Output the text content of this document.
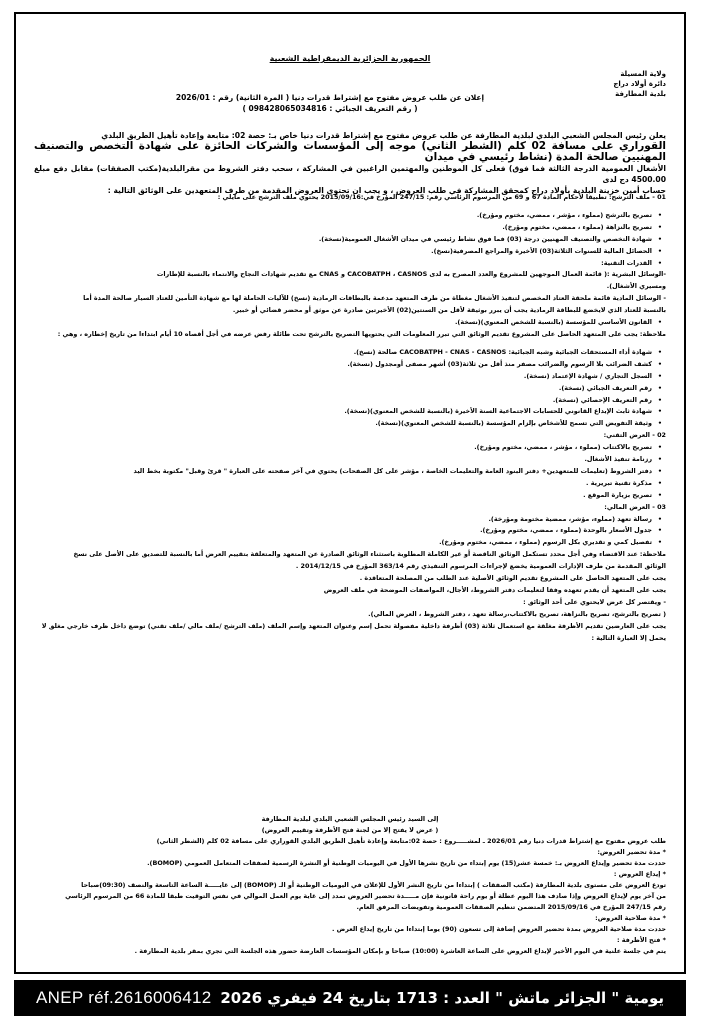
الجمهورية الجزائرية الديمقراطية الشعبية
ولاية المسيلة
دائرة أولاد دراج
بلدية المطارفة
إعلان عن طلب عروض مفتوح مع إشتراط قدرات دنيا ( المرة الثانية) رقم : 2026/01
( رقم التعريف الجبائي : 098428065034816 )

يعلن رئيس المجلس الشعبي البلدي لبلدية المطارفة عن طلب عروض مفتوح مع إشتراط قدرات دنيا خاص بـ: حصة 02: متابعة وإعادة تأهيل الطريق البلدي

القوراري على مسافة 02 كلم (الشطر الثاني) موجه إلى المؤسسات والشركات الحائزة على شهادة التخصص والتصنيف المهنيين صالحة المدة (نشاط رئيسي في ميدان

الأشغال العمومية الدرجة الثالثة فما فوق) فعلى كل الموطنين والمهتمين الراغبين في المشاركة ، سحب دفتر الشروط من مقرالبلدية(مكتب الصفقات) مقابل دفع مبلغ 4500.00 دج لدى

حساب أمين خزينة البلدية بأولاد دراج كمحقق المشاركة في طلب العروض ، و يجب ان تحتوي العروض المقدمة من طرف المتعهدين على الوثائق التالية :

01 - ملف الترشح: تطبيقا لأحكام المادة 67 و 69 من المرسوم الرئاسي رقم: 247/15 المؤرخ في:2015/09/16 يحتوي ملف الترشح على مايلي :

• تصريح بالترشح (مملوء ، مؤشر ، ممضي، مختوم ومؤرخ).

• تصريح بالنزاهة (مملوء ، ممضي، مختوم ومؤرخ).

• شهادة التخصص والتصنيف المهنيين درجة (03) فما فوق نشاط رئيسي في ميدان الأشغال العمومية(نسخة).

• الحصائل المالية للسنوات الثلاثة(03) الأخيرة والمراجع المصرفية(نسخ).

• القدرات التقنية:

-الوسائل البشرية :( قائمة العمال الموجهين للمشروع والعدد المصرح به لدى CACOBATPH ، CASNOS و CNAS مع تقديم شهادات النجاح والانتماء بالنسبة للإطارات

ومسيري الأشغال).

- الوسائل المادية قائمة ملحقة العتاد المخصص لتنفيذ الأشغال مغطاة من طرف المتعهد مدعمة بالبطاقات الرمادية (نسخ) للآليات الحاملة لها مع شهادة التأمين للعتاد السيار صالحة المدة أما

بالنسبة للعتاد الذي لايخضع للبطاقة الرمادية يجب أن يبرر بوثيقة لأقل من السنتين(02) الأخيرتين صادرة عن موثق أو محضر قضائي أو خبير.

• القانون الأساسي للمؤسسة (بالنسبة للشخص المعنوي)(نسخة).

ملاحظة: يجب على المتعهد الحاصل على المشروع تقديم الوثائق التي تبرر المعلومات التي يحتويها التصريح بالترشح تحت طائلة رفض عرضه في أجل أقصاه 10 أيام ابتداءا من تاريخ إخطاره ، وهي :

• شهادة أداء المستحقات الجبائية وشبه الجبائية: CACOBATPH - CNAS - CASNOS صالحة (نسخ).

• كشف الضرائب بلا الرسوم والضرائب مصفر منذ أقل من ثلاثة(03) أشهر مصفى أومجدول (نسخة).

• السجل التجاري / شهادة الإعتماد (نسخة).

• رقم التعريف الجبائي (نسخة).

• رقم التعريف الإحصائي (نسخة).

• شهادة ثابث الإيداع القانوني للحسابات الاجتماعية السنة الأخيرة (بالنسبة للشخص المعنوي)(نسخة).

• وثيقة التفويض التي تسمح للأشخاص بإلزام المؤسسة (بالنسبة للشخص المعنوي)(نسخة).

02 - العرض التقني:

• تصريح بالاكتتاب (مملوء ، مؤشر ، ممضي، مختوم ومؤرخ).

• رزنامة تنفيذ الأشغال.

• دفتر الشروط (تعليمات للمتعهدين+ دفتر البنود العامة والتعليمات الخاصة ، مؤشر على كل الصفحات) يحتوي في آخر صفحته على العبارة " قرئ وقبل" مكتوبة بخط اليد

• مذكرة تقنية تبريرية .

• تصريح بزيارة الموقع .

03 - العرض المالي:

• رسالة تعهد (مملوء، مؤشر، ممضية مختومة ومؤرخة).

• جدول الأسعار بالوحدة (مملوء ، ممضي، مختوم ومؤرخ).

• تفصيل كمي و تقديري بكل الرسوم (مملوء ، ممضي، مختوم ومؤرخ).

ملاحظة: عند الاقتضاء وفي أجل محدد تستكمل الوثائق الناقصة أو غير الكاملة المطلوبة باستثناء الوثائق الصادرة عن المتعهد والمتعلقة بتقييم العرض أما بالنسبة للتصديق على الأصل على نسخ

الوثائق المقدمة من طرف الإدارات العمومية يخضع لإجراءات المرسوم التنفيذي رقم 363/14 المؤرخ في 2014/12/15 .

يجب على المتعهد الحاصل على المشروع تقديم الوثائق الأصلية عند الطلب من المصلحة المتعاقدة .

يجب على المتعهد أن يقدم تعهده وفقا لتعليمات دفتر الشروط، الأجال، المواصفات الموضحة في ملف العروض

- ويقتصر كل عرض لايحتوي على أحد الوثائق :

( تصريح بالترشح، تصريح بالنزاهة، تصريح بالاكتتاب،رسالة تعهد ، دفتر الشروط ، العرض المالي).

يجب على العارضين تقديم الأظرفة مغلقة مع استعمال ثلاثة (03) أظرفة داخلية مفصولة تحمل إسم وعنوان المتعهد وإسم الملف (ملف الترشح /ملف مالي /ملف تقني) توضع داخل ظرف خارجي مغلق لا

يحمل إلا العبارة التالية :

إلى السيد رئيس المجلس الشعبي البلدي لبلدية المطارفة

( عرض لا يفتح إلا من لجنة فتح الأظرفة وتقييم العروض)

طلب عروض مفتوح مع إشتراط قدرات دنيا رقم 2026/01 ـ لمشـــــروع : حصة 02:متابعة وإعادة تأهيل الطريق البلدي القوراري على مسافة 02 كلم (الشطر الثاني)

* مدة تحضير العروض:

حددت مدة تحضير وإيداع العروض بـ: خمسة عشر(15) يوم إبتداء من تاريخ نشرها الأول في اليوميات الوطنية أو النشرة الرسمية لصفقات المتعامل العمومي (BOMOP).

* إيداع العروض :

تودع العروض على مستوى بلدية المطارفة (مكتب الصفقات ) إبتداءا من تاريخ النشر الأول للإعلان في اليوميات الوطنية أو الـ (BOMOP) إلى غايـــــة الساعة التاسعة والنصف (09:30)صباحا

من آخر يوم لإيداع العروض وإذا صادف هذا اليوم عطلة أو يوم راحة قانونية فإن مـــــدة تحضير العروض تمدد إلى غاية يوم العمل الموالي في نفس التوقيت طبقا للمادة 66 من المرسوم الرئاسي

رقم 247/15 المؤرخ في 2015/09/16 المتضمن تنظيم الصفقات العمومية وتفويضات المرفق العام.

* مدة صلاحية العروض:

حددت مدة صلاحية العروض بمدة تحضير العروض إضافة إلى تسعون (90) يوما إبتداءا من تاريخ إيداع العرض .

* فتح الأظرفة :

يتم في جلسة علنية في اليوم الأخير لإيداع العروض على الساعة العاشرة (10:00) صباحا و بإمكان المؤسسات العارضة حضور هذه الجلسة التي تجري بمقر بلدية المطارفة .

ANEP réf.2616006412 يومية " الجزائر ماتش " العدد : 1713 بتاريخ 24 فيفري 2026
